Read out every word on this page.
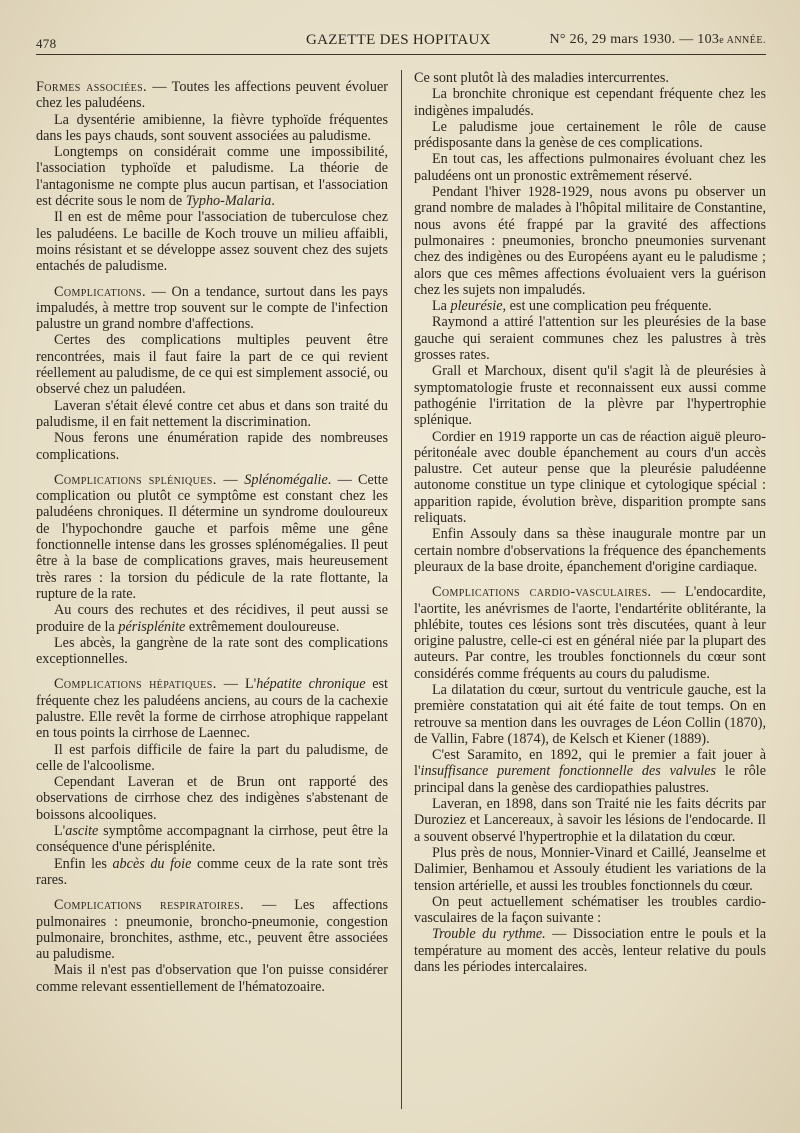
478	GAZETTE DES HOPITAUX	N° 26, 29 mars 1930. — 103e ANNÉE.

Formes associées. — Toutes les affections peuvent évoluer chez les paludéens.

La dysentérie amibienne, la fièvre typhoïde fréquentes dans les pays chauds, sont souvent associées au paludisme.

Longtemps on considérait comme une impossibilité, l'association typhoïde et paludisme. La théorie de l'antagonisme ne compte plus aucun partisan, et l'association est décrite sous le nom de Typho-Malaria.

Il en est de même pour l'association de tuberculose chez les paludéens. Le bacille de Koch trouve un milieu affaibli, moins résistant et se développe assez souvent chez des sujets entachés de paludisme.

Complications. — On a tendance, surtout dans les pays impaludés, à mettre trop souvent sur le compte de l'infection palustre un grand nombre d'affections.

Certes des complications multiples peuvent être rencontrées, mais il faut faire la part de ce qui revient réellement au paludisme, de ce qui est simplement associé, ou observé chez un paludéen.

Laveran s'était élevé contre cet abus et dans son traité du paludisme, il en fait nettement la discrimination.

Nous ferons une énumération rapide des nombreuses complications.

Complications spléniques. — Splénomégalie. — Cette complication ou plutôt ce symptôme est constant chez les paludéens chroniques. Il détermine un syndrome douloureux de l'hypochondre gauche et parfois même une gêne fonctionnelle intense dans les grosses splénomégalies. Il peut être à la base de complications graves, mais heureusement très rares : la torsion du pédicule de la rate flottante, la rupture de la rate.

Au cours des rechutes et des récidives, il peut aussi se produire de la périsplénite extrêmement douloureuse.

Les abcès, la gangrène de la rate sont des complications exceptionnelles.

Complications hépatiques. — L'hépatite chronique est fréquente chez les paludéens anciens, au cours de la cachexie palustre. Elle revêt la forme de cirrhose atrophique rappelant en tous points la cirrhose de Laennec.

Il est parfois difficile de faire la part du paludisme, de celle de l'alcoolisme.

Cependant Laveran et de Brun ont rapporté des observations de cirrhose chez des indigènes s'abstenant de boissons alcooliques.

L'ascite symptôme accompagnant la cirrhose, peut être la conséquence d'une périsplénite.

Enfin les abcès du foie comme ceux de la rate sont très rares.

Complications respiratoires. — Les affections pulmonaires : pneumonie, broncho-pneumonie, congestion pulmonaire, bronchites, asthme, etc., peuvent être associées au paludisme.

Mais il n'est pas d'observation que l'on puisse considérer comme relevant essentiellement de l'hématozoaire.

Ce sont plutôt là des maladies intercurrentes.

La bronchite chronique est cependant fréquente chez les indigènes impaludés.

Le paludisme joue certainement le rôle de cause prédisposante dans la genèse de ces complications.

En tout cas, les affections pulmonaires évoluant chez les paludéens ont un pronostic extrêmement réservé.

Pendant l'hiver 1928-1929, nous avons pu observer un grand nombre de malades à l'hôpital militaire de Constantine, nous avons été frappé par la gravité des affections pulmonaires : pneumonies, broncho pneumonies survenant chez des indigènes ou des Européens ayant eu le paludisme ; alors que ces mêmes affections évoluaient vers la guérison chez les sujets non impaludés.

La pleurésie, est une complication peu fréquente.

Raymond a attiré l'attention sur les pleurésies de la base gauche qui seraient communes chez les palustres à très grosses rates.

Grall et Marchoux, disent qu'il s'agit là de pleurésies à symptomatologie fruste et reconnaissent eux aussi comme pathogénie l'irritation de la plèvre par l'hypertrophie splénique.

Cordier en 1919 rapporte un cas de réaction aiguë pleuro-péritonéale avec double épanchement au cours d'un accès palustre. Cet auteur pense que la pleurésie paludéenne autonome constitue un type clinique et cytologique spécial : apparition rapide, évolution brève, disparition prompte sans reliquats.

Enfin Assouly dans sa thèse inaugurale montre par un certain nombre d'observations la fréquence des épanchements pleuraux de la base droite, épanchement d'origine cardiaque.

Complications cardio-vasculaires. — L'endocardite, l'aortite, les anévrismes de l'aorte, l'endartérite oblitérante, la phlébite, toutes ces lésions sont très discutées, quant à leur origine palustre, celle-ci est en général niée par la plupart des auteurs. Par contre, les troubles fonctionnels du cœur sont considérés comme fréquents au cours du paludisme.

La dilatation du cœur, surtout du ventricule gauche, est la première constatation qui ait été faite de tout temps. On en retrouve sa mention dans les ouvrages de Léon Collin (1870), de Vallin, Fabre (1874), de Kelsch et Kiener (1889).

C'est Saramito, en 1892, qui le premier a fait jouer à l'insuffisance purement fonctionnelle des valvules le rôle principal dans la genèse des cardiopathies palustres.

Laveran, en 1898, dans son Traité nie les faits décrits par Duroziez et Lancereaux, à savoir les lésions de l'endocarde. Il a souvent observé l'hypertrophie et la dilatation du cœur.

Plus près de nous, Monnier-Vinard et Caillé, Jeanselme et Dalimier, Benhamou et Assouly étudient les variations de la tension artérielle, et aussi les troubles fonctionnels du cœur.

On peut actuellement schématiser les troubles cardio-vasculaires de la façon suivante :

Trouble du rythme. — Dissociation entre le pouls et la température au moment des accès, lenteur relative du pouls dans les périodes intercalaires.
